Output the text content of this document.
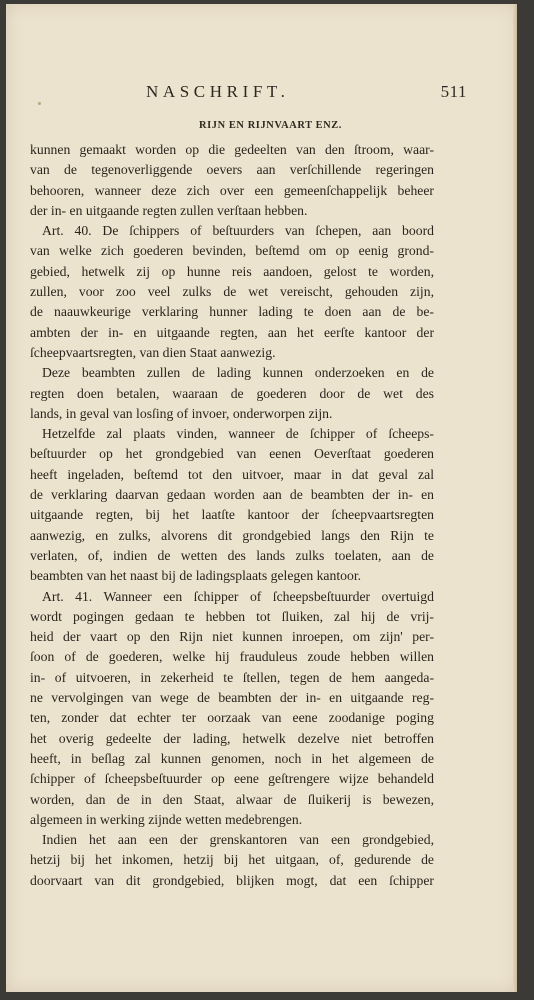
NASCHRIFT.	511
RIJN EN RIJNVAART ENZ.
kunnen gemaakt worden op die gedeelten van den ſtroom, waar-
van de tegenoverliggende oevers aan verſchillende regeringen
behooren, wanneer deze zich over een gemeenſchappelijk beheer
der in- en uitgaande regten zullen verſtaan hebben.
Art. 40. De ſchippers of beſtuurders van ſchepen, aan boord
van welke zich goederen bevinden, beſtemd om op eenig grond-
gebied, hetwelk zij op hunne reis aandoen, gelost te worden,
zullen, voor zoo veel zulks de wet vereischt, gehouden zijn,
de naauwkeurige verklaring hunner lading te doen aan de be-
ambten der in- en uitgaande regten, aan het eerſte kantoor der
ſcheepvaartsregten, van dien Staat aanwezig.
Deze beambten zullen de lading kunnen onderzoeken en de
regten doen betalen, waaraan de goederen door de wet des
lands, in geval van losſing of invoer, onderworpen zijn.
Hetzelfde zal plaats vinden, wanneer de ſchipper of ſcheeps-
beſtuurder op het grondgebied van eenen Oeverſtaat goederen
heeft ingeladen, beſtemd tot den uitvoer, maar in dat geval zal
de verklaring daarvan gedaan worden aan de beambten der in- en
uitgaande regten, bij het laatſte kantoor der ſcheepvaartsregten
aanwezig, en zulks, alvorens dit grondgebied langs den Rijn te
verlaten, of, indien de wetten des lands zulks toelaten, aan de
beambten van het naast bij de ladingsplaats gelegen kantoor.
Art. 41. Wanneer een ſchipper of ſcheepsbeſtuurder overtuigd
wordt pogingen gedaan te hebben tot ſluiken, zal hij de vrij-
heid der vaart op den Rijn niet kunnen inroepen, om zijn' per-
ſoon of de goederen, welke hij frauduleus zoude hebben willen
in- of uitvoeren, in zekerheid te ſtellen, tegen de hem aangeda-
ne vervolgingen van wege de beambten der in- en uitgaande reg-
ten, zonder dat echter ter oorzaak van eene zoodanige poging
het overig gedeelte der lading, hetwelk dezelve niet betroffen
heeft, in beſlag zal kunnen genomen, noch in het algemeen de
ſchipper of ſcheepsbeſtuurder op eene geſtrengere wijze behandeld
worden, dan de in den Staat, alwaar de ſluikerij is bewezen,
algemeen in werking zijnde wetten medebrengen.
Indien het aan een der grenskantoren van een grondgebied,
hetzij bij het inkomen, hetzij bij het uitgaan, of, gedurende de
doorvaart van dit grondgebied, blijken mogt, dat een ſchipper
